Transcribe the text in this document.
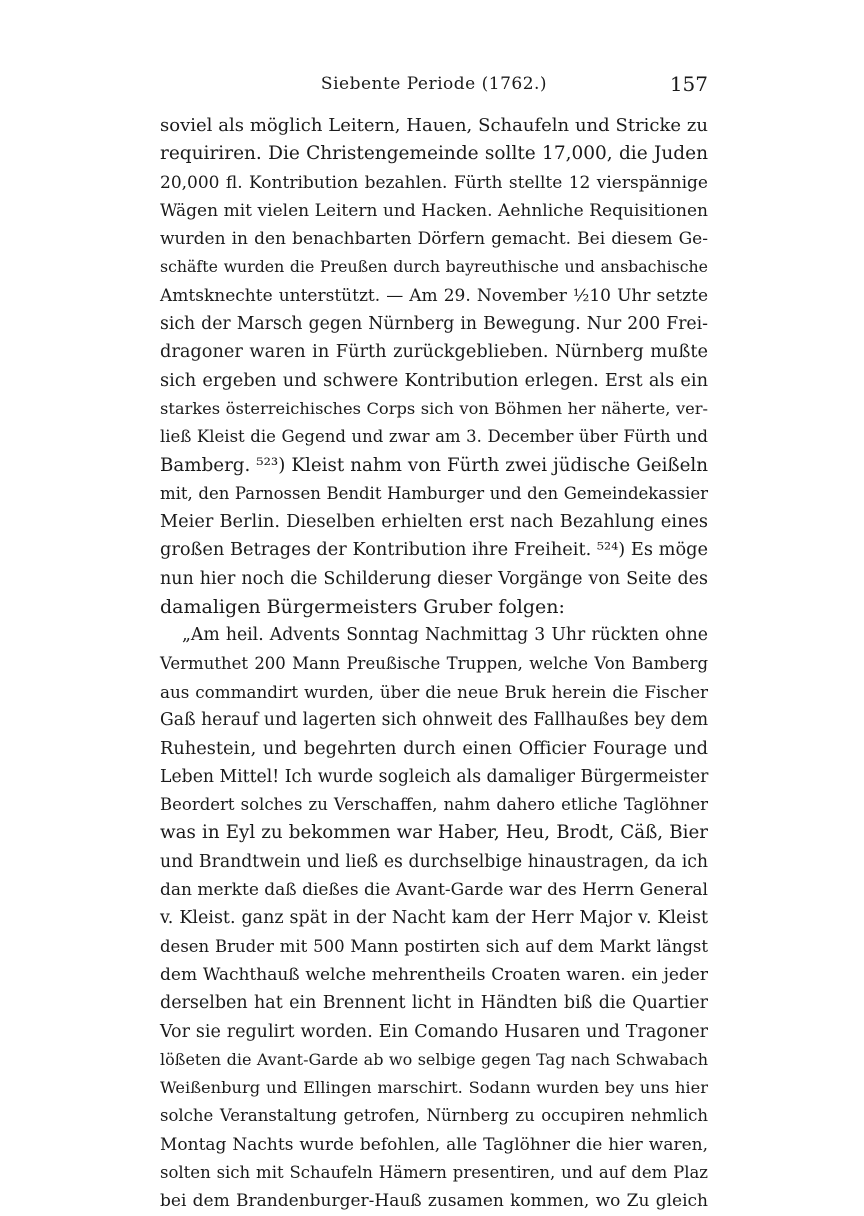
Siebente Periode (1762.)	157
soviel als möglich Leitern, Hauen, Schaufeln und Stricke zu
requiriren. Die Christengemeinde sollte 17,000, die Juden
20,000 fl. Kontribution bezahlen. Fürth stellte 12 vierspännige
Wägen mit vielen Leitern und Hacken. Aehnliche Requisitionen
wurden in den benachbarten Dörfern gemacht. Bei diesem Ge-
schäfte wurden die Preußen durch bayreuthische und ansbachische
Amtsknechte unterstützt. — Am 29. November ½10 Uhr setzte
sich der Marsch gegen Nürnberg in Bewegung. Nur 200 Frei-
dragoner waren in Fürth zurückgeblieben. Nürnberg mußte
sich ergeben und schwere Kontribution erlegen. Erst als ein
starkes österreichisches Corps sich von Böhmen her näherte, ver-
ließ Kleist die Gegend und zwar am 3. December über Fürth und
Bamberg. ⁵²³) Kleist nahm von Fürth zwei jüdische Geißeln
mit, den Parnossen Bendit Hamburger und den Gemeindekassier
Meier Berlin. Dieselben erhielten erst nach Bezahlung eines
großen Betrages der Kontribution ihre Freiheit. ⁵²⁴) Es möge
nun hier noch die Schilderung dieser Vorgänge von Seite des
damaligen Bürgermeisters Gruber folgen:
„Am heil. Advents Sonntag Nachmittag 3 Uhr rückten ohne
Vermuthet 200 Mann Preußische Truppen, welche Von Bamberg
aus commandirt wurden, über die neue Bruk herein die Fischer
Gaß herauf und lagerten sich ohnweit des Fallhaußes bey dem
Ruhestein, und begehrten durch einen Officier Fourage und
Leben Mittel! Ich wurde sogleich als damaliger Bürgermeister
Beordert solches zu Verschaffen, nahm dahero etliche Taglöhner
was in Eyl zu bekommen war Haber, Heu, Brodt, Cäß, Bier
und Brandtwein und ließ es durchselbige hinaustragen, da ich
dan merkte daß dießes die Avant-Garde war des Herrn General
v. Kleist. ganz spät in der Nacht kam der Herr Major v. Kleist
desen Bruder mit 500 Mann postirten sich auf dem Markt längst
dem Wachthauß welche mehrentheils Croaten waren. ein jeder
derselben hat ein Brennent licht in Händten biß die Quartier
Vor sie regulirt worden. Ein Comando Husaren und Tragoner
lößeten die Avant-Garde ab wo selbige gegen Tag nach Schwabach
Weißenburg und Ellingen marschirt. Sodann wurden bey uns hier
solche Veranstaltung getrofen, Nürnberg zu occupiren nehmlich
Montag Nachts wurde befohlen, alle Taglöhner die hier waren,
solten sich mit Schaufeln Hämern presentiren, und auf dem Plaz
bei dem Brandenburger-Hauß zusamen kommen, wo Zu gleich
